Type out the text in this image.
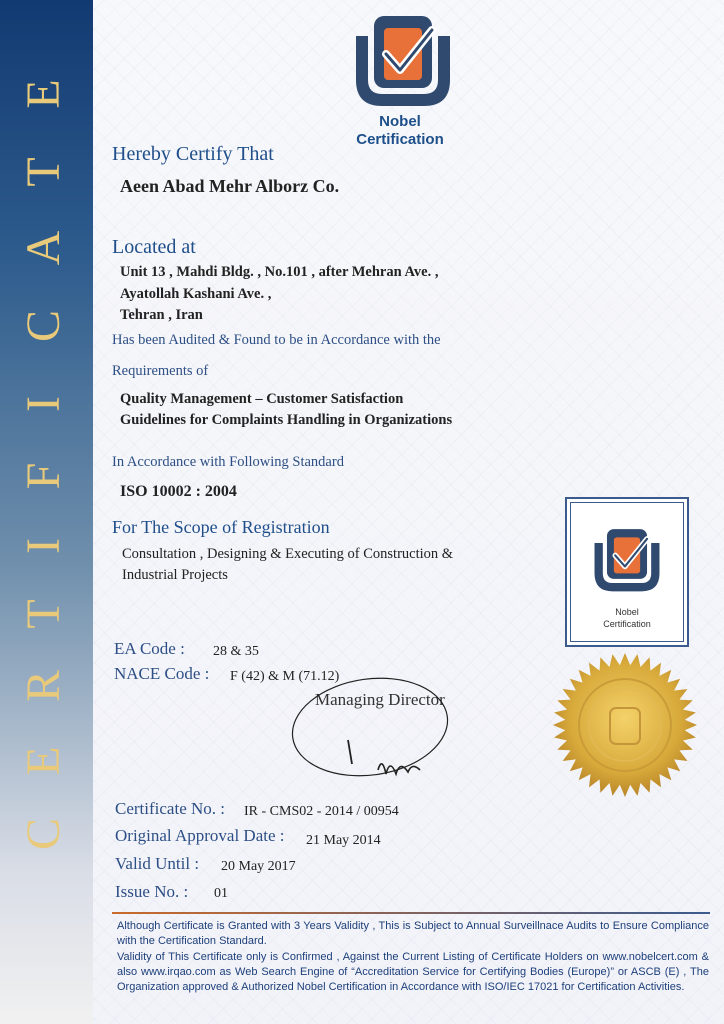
E
T
A
C
I
F
I
T
R
E
C
Nobel
Certification
Hereby Certify That
Aeen Abad Mehr Alborz Co.
Located at
Unit 13 , Mahdi Bldg. , No.101 , after Mehran Ave. ,
Ayatollah Kashani Ave. ,
Tehran , Iran
Has been Audited & Found to be in Accordance with the
Requirements of
Quality Management – Customer Satisfaction
Guidelines for Complaints Handling in Organizations
In Accordance with Following Standard
ISO 10002 : 2004
For The Scope of Registration
Consultation , Designing & Executing of Construction &
Industrial Projects
EA Code : 28 & 35
NACE Code : F (42) & M (71.12)
Managing Director
Certificate No. : IR - CMS02 - 2014 / 00954
Original Approval Date : 21 May 2014
Valid Until : 20 May 2017
Issue No. : 01
Nobel
Certification

Although Certificate is Granted with 3 Years Validity , This is Subject to Annual Surveillnace Audits to Ensure Compliance with the Certification Standard.

Validity of This Certificate only is Confirmed , Against the Current Listing of Certificate Holders on www.nobelcert.com & also www.irqao.com as Web Search Engine of “Accreditation Service for Certifying Bodies (Europe)” or ASCB (E) , The Organization approved & Authorized Nobel Certification in Accordance with ISO/IEC 17021 for Certification Activities.
